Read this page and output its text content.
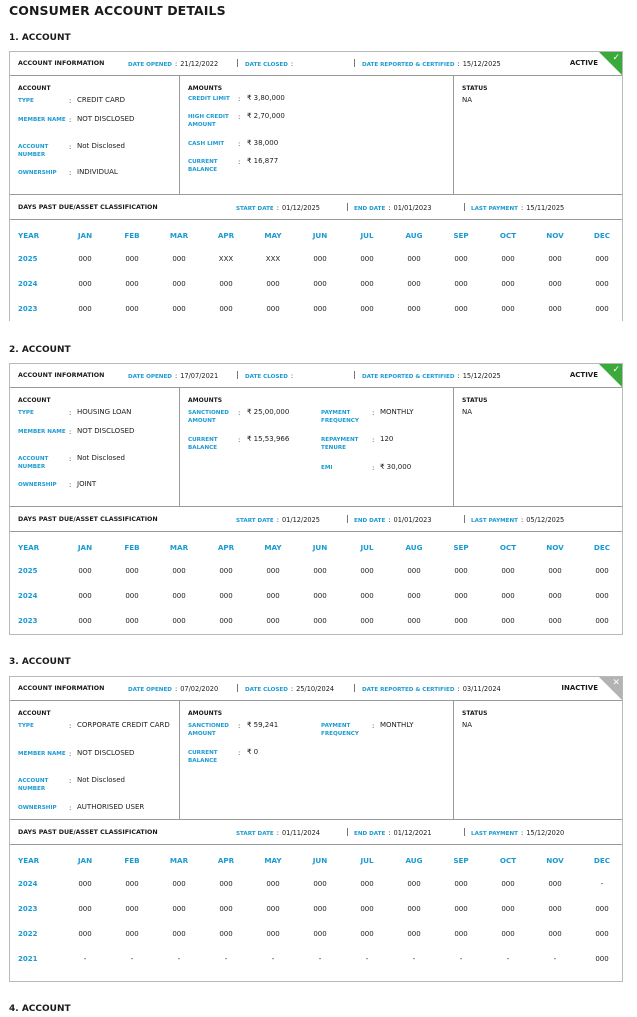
CONSUMER ACCOUNT DETAILS
1. ACCOUNT
ACCOUNT INFORMATION	DATE OPENED : 21/12/2022	DATE CLOSED :
|	DATE REPORTED & CERTIFIED : 15/12/2025
|	ACTIVE ✓
ACCOUNT
TYPE	: CREDIT CARD
MEMBER NAME : NOT DISCLOSED
ACCOUNT NUMBER
: Not Disclosed
OWNERSHIP	: INDIVIDUAL
AMOUNTS
CREDIT LIMIT	: ₹ 3,80,000
HIGH CREDIT AMOUNT
: ₹ 2,70,000
CASH LIMIT	: ₹ 38,000
CURRENT BALANCE
: ₹ 16,877
STATUS
NA
DAYS PAST DUE/ASSET CLASSIFICATION	START DATE : 01/12/2025	END DATE : 01/01/2023
|	LAST PAYMENT : 15/11/2025
|
YEAR	JAN	FEB	MAR	APR	MAY	JUN	JUL	AUG	SEP	OCT	NOV	DEC
2025	000	000	000	XXX	XXX	000	000	000	000	000	000	000
2024	000	000	000	000	000	000	000	000	000	000	000	000
2023	000	000	000	000	000	000	000	000	000	000	000	000
2. ACCOUNT
ACCOUNT INFORMATION	DATE OPENED : 17/07/2021	DATE CLOSED :
|	DATE REPORTED & CERTIFIED : 15/12/2025
|	ACTIVE ✓
ACCOUNT
TYPE	: HOUSING LOAN
MEMBER NAME : NOT DISCLOSED
ACCOUNT NUMBER
: Not Disclosed
OWNERSHIP	: JOINT
AMOUNTS
SANCTIONED AMOUNT
: ₹ 25,00,000
CURRENT BALANCE
: ₹ 15,53,966
PAYMENT FREQUENCY
: MONTHLY
REPAYMENT TENURE
: 120
EMI	: ₹ 30,000
STATUS
NA
DAYS PAST DUE/ASSET CLASSIFICATION	START DATE : 01/12/2025	END DATE : 01/01/2023
|	LAST PAYMENT : 05/12/2025
|
YEAR	JAN	FEB	MAR	APR	MAY	JUN	JUL	AUG	SEP	OCT	NOV	DEC
2025	000	000	000	000	000	000	000	000	000	000	000	000
2024	000	000	000	000	000	000	000	000	000	000	000	000
2023	000	000	000	000	000	000	000	000	000	000	000	000
3. ACCOUNT
ACCOUNT INFORMATION	DATE OPENED : 07/02/2020	DATE CLOSED : 25/10/2024
|	DATE REPORTED & CERTIFIED : 03/11/2024
|	INACTIVE ✕
ACCOUNT
TYPE	: CORPORATE CREDIT CARD
MEMBER NAME : NOT DISCLOSED
ACCOUNT NUMBER
: Not Disclosed
OWNERSHIP	: AUTHORISED USER
AMOUNTS
SANCTIONED AMOUNT
: ₹ 59,241
CURRENT BALANCE
: ₹ 0
PAYMENT FREQUENCY
: MONTHLY
STATUS
NA
DAYS PAST DUE/ASSET CLASSIFICATION	START DATE : 01/11/2024	END DATE : 01/12/2021
|	LAST PAYMENT : 15/12/2020
|
YEAR	JAN	FEB	MAR	APR	MAY	JUN	JUL	AUG	SEP	OCT	NOV	DEC
2024	000	000	000	000	000	000	000	000	000	000	000	-
2023	000	000	000	000	000	000	000	000	000	000	000	000
2022	000	000	000	000	000	000	000	000	000	000	000	000
2021	-	-	-	-	-	-	-	-	-	-	-	000
4. ACCOUNT
